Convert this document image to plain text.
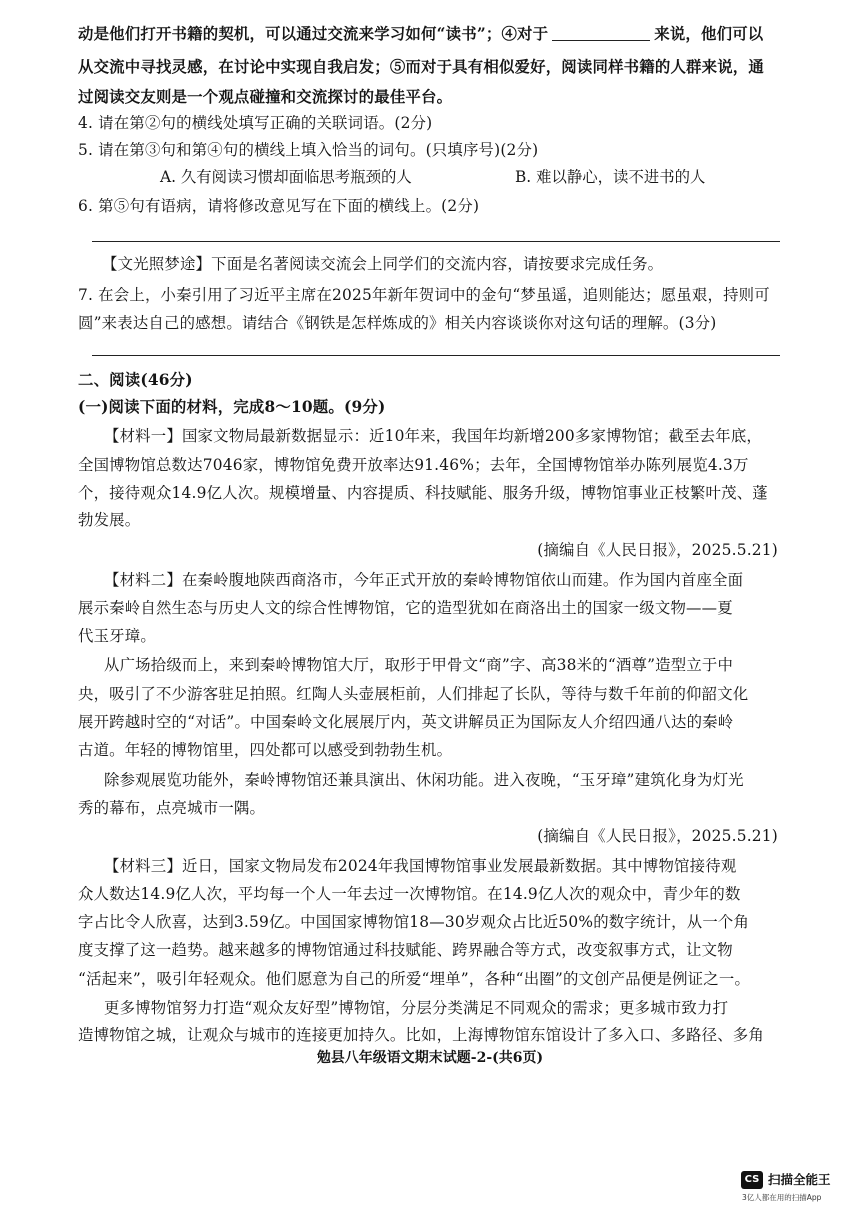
动是他们打开书籍的契机，可以通过交流来学习如何“读书”；④对于	来说，他们可以
从交流中寻找灵感，在讨论中实现自我启发；⑤而对于具有相似爱好，阅读同样书籍的人群来说，通
过阅读交友则是一个观点碰撞和交流探讨的最佳平台。
4. 请在第②句的横线处填写正确的关联词语。(2分)
5. 请在第③句和第④句的横线上填入恰当的词句。(只填序号)(2分)
A. 久有阅读习惯却面临思考瓶颈的人	B. 难以静心，读不进书的人
6. 第⑤句有语病，请将修改意见写在下面的横线上。(2分)
【文光照梦途】下面是名著阅读交流会上同学们的交流内容，请按要求完成任务。
7. 在会上，小秦引用了习近平主席在2025年新年贺词中的金句“梦虽遥，追则能达；愿虽艰，持则可
圆”来表达自己的感想。请结合《钢铁是怎样炼成的》相关内容谈谈你对这句话的理解。(3分)
二、阅读(46分)
(一)阅读下面的材料，完成8～10题。(9分)
【材料一】国家文物局最新数据显示：近10年来，我国年均新增200多家博物馆；截至去年底，
全国博物馆总数达7046家，博物馆免费开放率达91.46%；去年，全国博物馆举办陈列展览4.3万
个，接待观众14.9亿人次。规模增量、内容提质、科技赋能、服务升级，博物馆事业正枝繁叶茂、蓬
勃发展。
(摘编自《人民日报》，2025.5.21)
【材料二】在秦岭腹地陕西商洛市，今年正式开放的秦岭博物馆依山而建。作为国内首座全面
展示秦岭自然生态与历史人文的综合性博物馆，它的造型犹如在商洛出土的国家一级文物——夏
代玉牙璋。
从广场拾级而上，来到秦岭博物馆大厅，取形于甲骨文“商”字、高38米的“酒尊”造型立于中
央，吸引了不少游客驻足拍照。红陶人头壶展柜前，人们排起了长队，等待与数千年前的仰韶文化
展开跨越时空的“对话”。中国秦岭文化展展厅内，英文讲解员正为国际友人介绍四通八达的秦岭
古道。年轻的博物馆里，四处都可以感受到勃勃生机。
除参观展览功能外，秦岭博物馆还兼具演出、休闲功能。进入夜晚，“玉牙璋”建筑化身为灯光
秀的幕布，点亮城市一隅。
(摘编自《人民日报》，2025.5.21)
【材料三】近日，国家文物局发布2024年我国博物馆事业发展最新数据。其中博物馆接待观
众人数达14.9亿人次，平均每一个人一年去过一次博物馆。在14.9亿人次的观众中，青少年的数
字占比令人欣喜，达到3.59亿。中国国家博物馆18—30岁观众占比近50%的数字统计，从一个角
度支撑了这一趋势。越来越多的博物馆通过科技赋能、跨界融合等方式，改变叙事方式，让文物
“活起来”，吸引年轻观众。他们愿意为自己的所爱“埋单”，各种“出圈”的文创产品便是例证之一。
更多博物馆努力打造“观众友好型”博物馆，分层分类满足不同观众的需求；更多城市致力打
造博物馆之城，让观众与城市的连接更加持久。比如，上海博物馆东馆设计了多入口、多路径、多角
勉县八年级语文期末试题-2-(共6页)
CS 扫描全能王
3亿人都在用的扫描App
